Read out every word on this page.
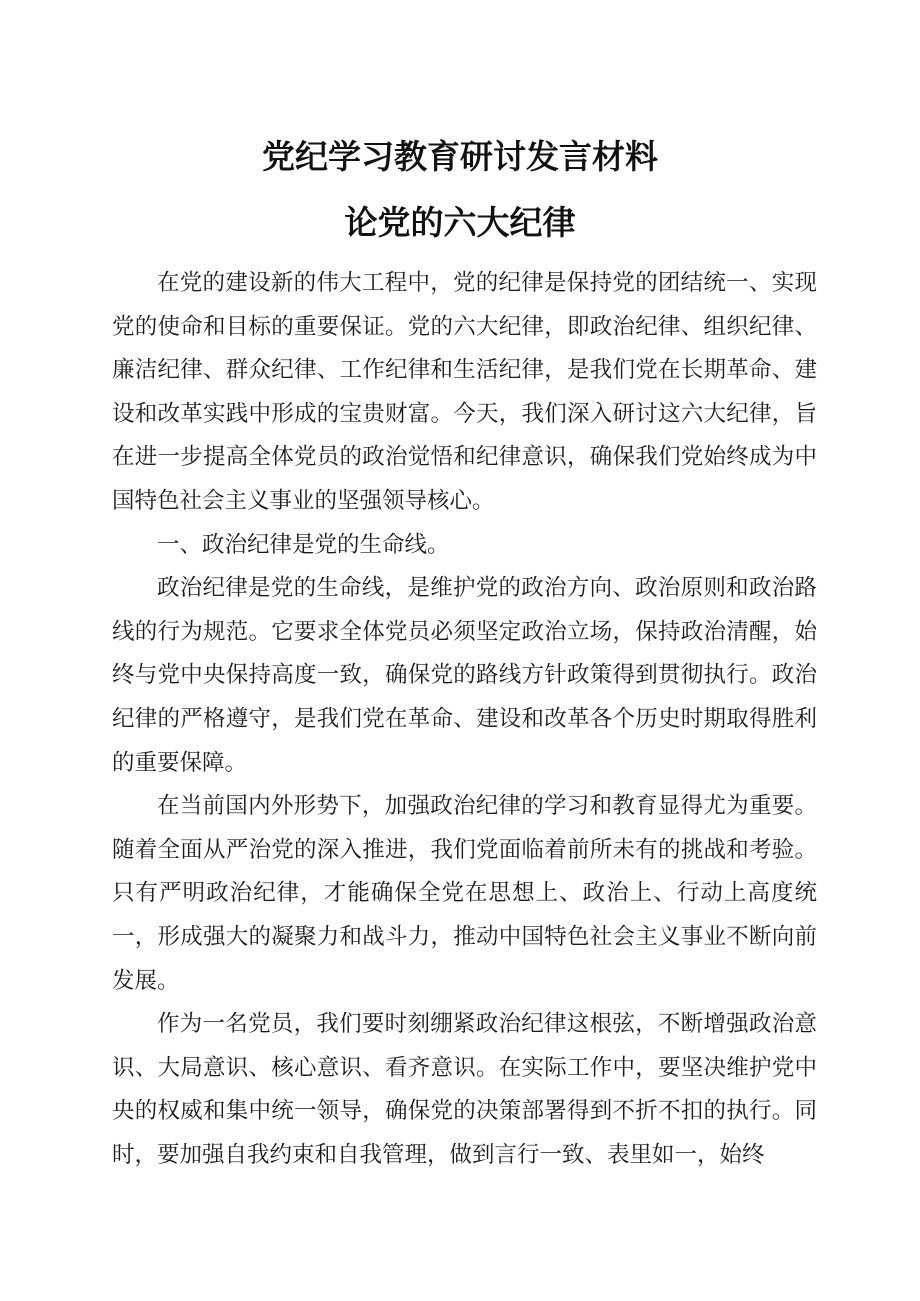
党纪学习教育研讨发言材料
论党的六大纪律

在党的建设新的伟大工程中，党的纪律是保持党的团结统一、实现党的使命和目标的重要保证。党的六大纪律，即政治纪律、组织纪律、廉洁纪律、群众纪律、工作纪律和生活纪律，是我们党在长期革命、建设和改革实践中形成的宝贵财富。今天，我们深入研讨这六大纪律，旨在进一步提高全体党员的政治觉悟和纪律意识，确保我们党始终成为中国特色社会主义事业的坚强领导核心。

一、政治纪律是党的生命线。

政治纪律是党的生命线，是维护党的政治方向、政治原则和政治路线的行为规范。它要求全体党员必须坚定政治立场，保持政治清醒，始终与党中央保持高度一致，确保党的路线方针政策得到贯彻执行。政治纪律的严格遵守，是我们党在革命、建设和改革各个历史时期取得胜利的重要保障。

在当前国内外形势下，加强政治纪律的学习和教育显得尤为重要。随着全面从严治党的深入推进，我们党面临着前所未有的挑战和考验。只有严明政治纪律，才能确保全党在思想上、政治上、行动上高度统一，形成强大的凝聚力和战斗力，推动中国特色社会主义事业不断向前发展。

作为一名党员，我们要时刻绷紧政治纪律这根弦，不断增强政治意识、大局意识、核心意识、看齐意识。在实际工作中，要坚决维护党中央的权威和集中统一领导，确保党的决策部署得到不折不扣的执行。同时，要加强自我约束和自我管理，做到言行一致、表里如一，始终
